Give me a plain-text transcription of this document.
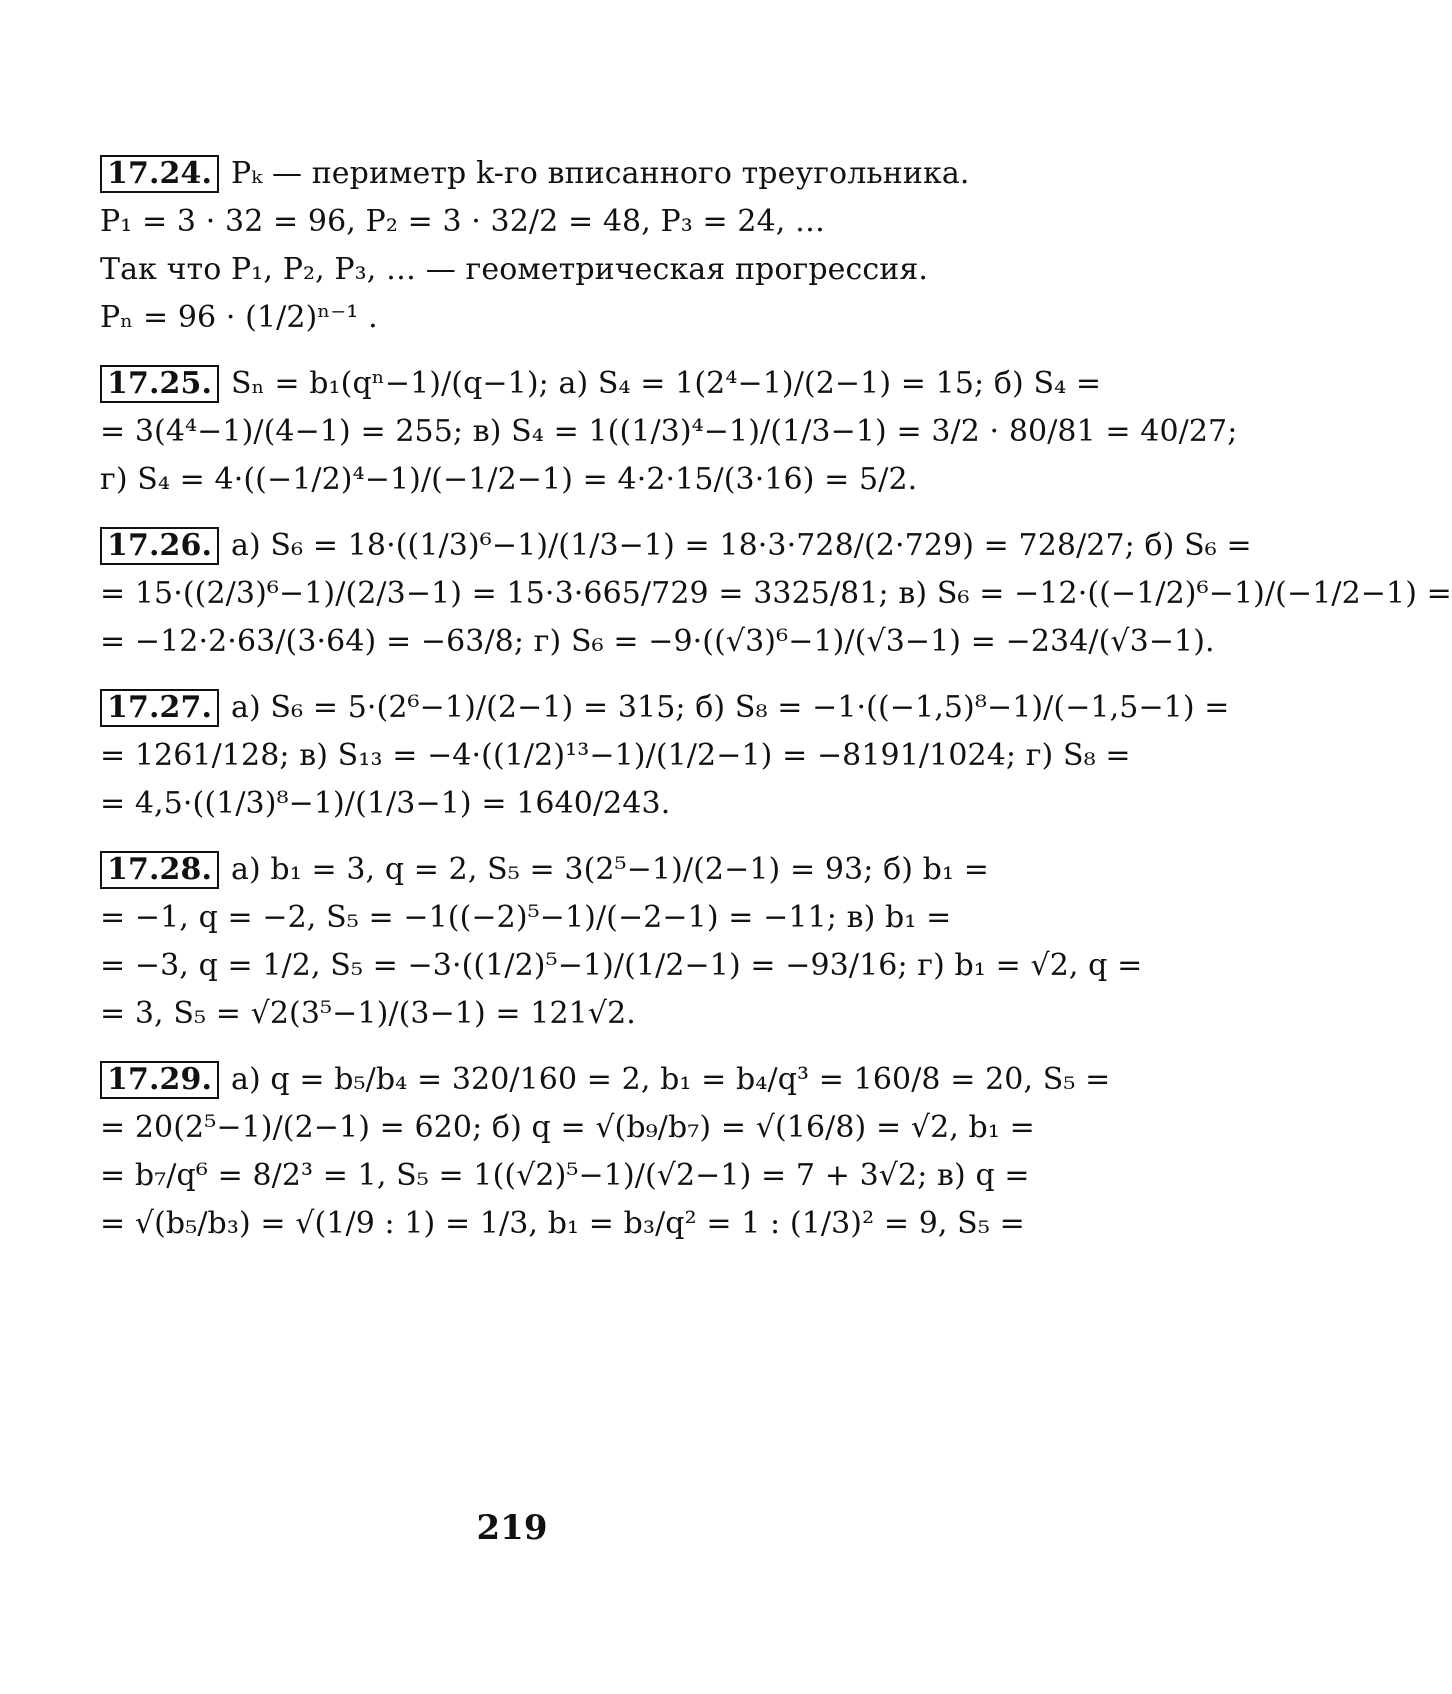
17.24. Pₖ — периметр k-го вписанного треугольника.
P₁ = 3 · 32 = 96, P₂ = 3 · 32/2 = 48, P₃ = 24, …
Так что P₁, P₂, P₃, … — геометрическая прогрессия.
Pₙ = 96 · (1/2)ⁿ⁻¹ .
17.25. Sₙ = b₁(qⁿ−1)/(q−1); а) S₄ = 1(2⁴−1)/(2−1) = 15; б) S₄ =
= 3(4⁴−1)/(4−1) = 255; в) S₄ = 1((1/3)⁴−1)/(1/3−1) = 3/2 · 80/81 = 40/27;
г) S₄ = 4·((−1/2)⁴−1)/(−1/2−1) = 4·2·15/(3·16) = 5/2.
17.26. а) S₆ = 18·((1/3)⁶−1)/(1/3−1) = 18·3·728/(2·729) = 728/27; б) S₆ =
= 15·((2/3)⁶−1)/(2/3−1) = 15·3·665/729 = 3325/81; в) S₆ = −12·((−1/2)⁶−1)/(−1/2−1) =
= −12·2·63/(3·64) = −63/8; г) S₆ = −9·((√3)⁶−1)/(√3−1) = −234/(√3−1).
17.27. а) S₆ = 5·(2⁶−1)/(2−1) = 315; б) S₈ = −1·((−1,5)⁸−1)/(−1,5−1) =
= 1261/128; в) S₁₃ = −4·((1/2)¹³−1)/(1/2−1) = −8191/1024; г) S₈ =
= 4,5·((1/3)⁸−1)/(1/3−1) = 1640/243.
17.28. а) b₁ = 3, q = 2, S₅ = 3(2⁵−1)/(2−1) = 93; б) b₁ =
= −1, q = −2, S₅ = −1((−2)⁵−1)/(−2−1) = −11; в) b₁ =
= −3, q = 1/2, S₅ = −3·((1/2)⁵−1)/(1/2−1) = −93/16; г) b₁ = √2, q =
= 3, S₅ = √2(3⁵−1)/(3−1) = 121√2.
17.29. а) q = b₅/b₄ = 320/160 = 2, b₁ = b₄/q³ = 160/8 = 20, S₅ =
= 20(2⁵−1)/(2−1) = 620; б) q = √(b₉/b₇) = √(16/8) = √2, b₁ =
= b₇/q⁶ = 8/2³ = 1, S₅ = 1((√2)⁵−1)/(√2−1) = 7 + 3√2; в) q =
= √(b₅/b₃) = √(1/9 : 1) = 1/3, b₁ = b₃/q² = 1 : (1/3)² = 9, S₅ =
219
